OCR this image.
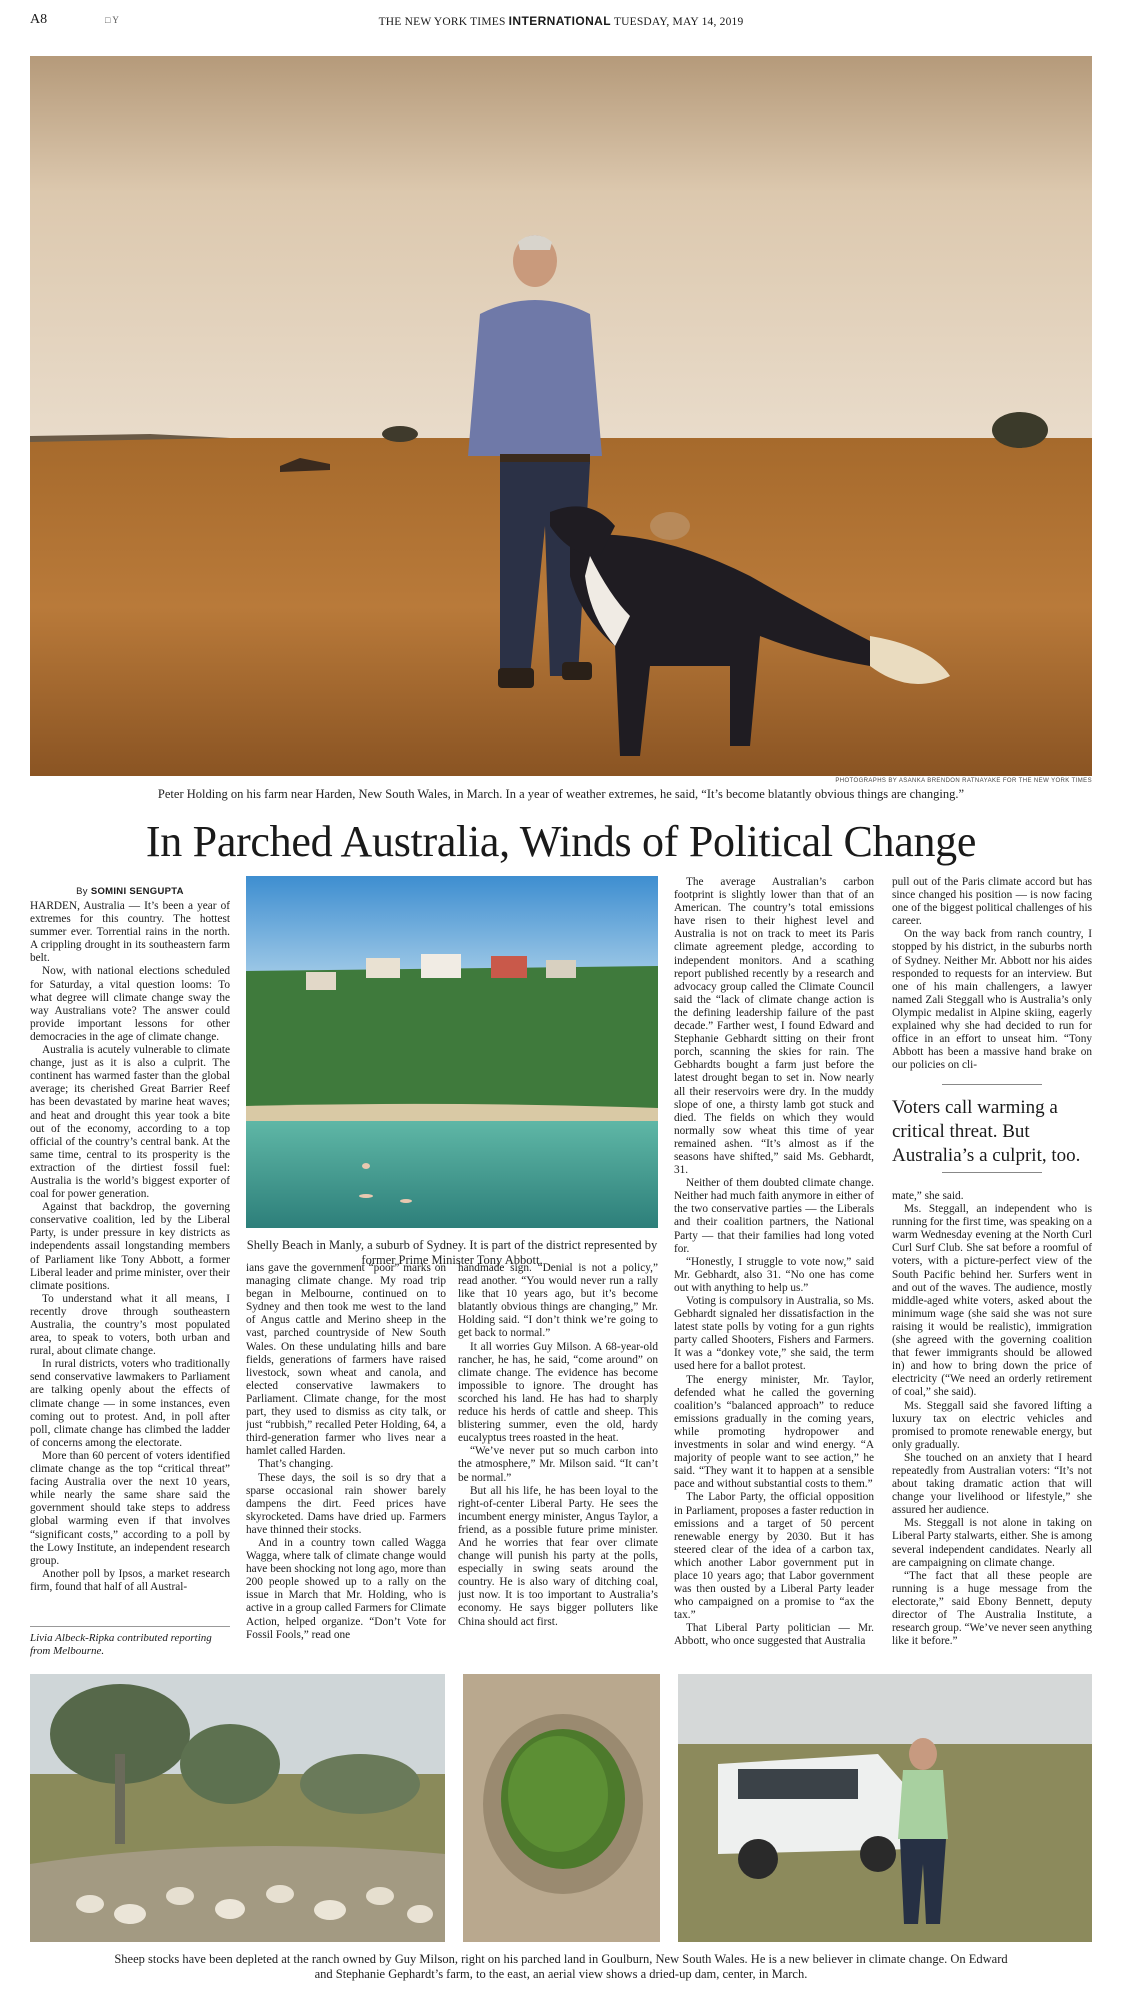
A8	□ Y	THE NEW YORK TIMES INTERNATIONAL TUESDAY, MAY 14, 2019
PHOTOGRAPHS BY ASANKA BRENDON RATNAYAKE FOR THE NEW YORK TIMES
Peter Holding on his farm near Harden, New South Wales, in March. In a year of weather extremes, he said, “It’s become blatantly obvious things are changing.”
In Parched Australia, Winds of Political Change
By SOMINI SENGUPTA

HARDEN, Australia — It’s been a year of extremes for this country. The hottest summer ever. Torrential rains in the north. A crippling drought in its southeastern farm belt.

Now, with national elections scheduled for Saturday, a vital question looms: To what degree will climate change sway the way Australians vote? The answer could provide important lessons for other democracies in the age of climate change.

Australia is acutely vulnerable to climate change, just as it is also a culprit. The continent has warmed faster than the global average; its cherished Great Barrier Reef has been devastated by marine heat waves; and heat and drought this year took a bite out of the economy, according to a top official of the country’s central bank. At the same time, central to its prosperity is the extraction of the dirtiest fossil fuel: Australia is the world’s biggest exporter of coal for power generation.

Against that backdrop, the governing conservative coalition, led by the Liberal Party, is under pressure in key districts as independents assail longstanding members of Parliament like Tony Abbott, a former Liberal leader and prime minister, over their climate positions.

To understand what it all means, I recently drove through southeastern Australia, the country’s most populated area, to speak to voters, both urban and rural, about climate change.

In rural districts, voters who traditionally send conservative lawmakers to Parliament are talking openly about the effects of climate change — in some instances, even coming out to protest. And, in poll after poll, climate change has climbed the ladder of concerns among the electorate.

More than 60 percent of voters identified climate change as the top “critical threat” facing Australia over the next 10 years, while nearly the same share said the government should take steps to address global warming even if that involves “significant costs,” according to a poll by the Lowy Institute, an independent research group.

Another poll by Ipsos, a market research firm, found that half of all Austral-

Livia Albeck-Ripka contributed reporting from Melbourne.
Shelly Beach in Manly, a suburb of Sydney. It is part of the district represented by former Prime Minister Tony Abbott.

ians gave the government “poor” marks on managing climate change. My road trip began in Melbourne, continued on to Sydney and then took me west to the land of Angus cattle and Merino sheep in the vast, parched countryside of New South Wales. On these undulating hills and bare fields, generations of farmers have raised livestock, sown wheat and canola, and elected conservative lawmakers to Parliament. Climate change, for the most part, they used to dismiss as city talk, or just “rubbish,” recalled Peter Holding, 64, a third-generation farmer who lives near a hamlet called Harden.

That’s changing.

These days, the soil is so dry that a sparse occasional rain shower barely dampens the dirt. Feed prices have skyrocketed. Dams have dried up. Farmers have thinned their stocks.

And in a country town called Wagga Wagga, where talk of climate change would have been shocking not long ago, more than 200 people showed up to a rally on the issue in March that Mr. Holding, who is active in a group called Farmers for Climate Action, helped organize. “Don’t Vote for Fossil Fools,” read one

handmade sign. “Denial is not a policy,” read another. “You would never run a rally like that 10 years ago, but it’s become blatantly obvious things are changing,” Mr. Holding said. “I don’t think we’re going to get back to normal.”

It all worries Guy Milson. A 68-year-old rancher, he has, he said, “come around” on climate change. The evidence has become impossible to ignore. The drought has scorched his land. He has had to sharply reduce his herds of cattle and sheep. This blistering summer, even the old, hardy eucalyptus trees roasted in the heat.

“We’ve never put so much carbon into the atmosphere,” Mr. Milson said. “It can’t be normal.”

But all his life, he has been loyal to the right-of-center Liberal Party. He sees the incumbent energy minister, Angus Taylor, a friend, as a possible future prime minister. And he worries that fear over climate change will punish his party at the polls, especially in swing seats around the country. He is also wary of ditching coal, just now. It is too important to Australia’s economy. He says bigger polluters like China should act first.

The average Australian’s carbon footprint is slightly lower than that of an American. The country’s total emissions have risen to their highest level and Australia is not on track to meet its Paris climate agreement pledge, according to independent monitors. And a scathing report published recently by a research and advocacy group called the Climate Council said the “lack of climate change action is the defining leadership failure of the past decade.” Farther west, I found Edward and Stephanie Gebhardt sitting on their front porch, scanning the skies for rain. The Gebhardts bought a farm just before the latest drought began to set in. Now nearly all their reservoirs were dry. In the muddy slope of one, a thirsty lamb got stuck and died. The fields on which they would normally sow wheat this time of year remained ashen. “It’s almost as if the seasons have shifted,” said Ms. Gebhardt, 31.

Neither of them doubted climate change. Neither had much faith anymore in either of the two conservative parties — the Liberals and their coalition partners, the National Party — that their families had long voted for.

“Honestly, I struggle to vote now,” said Mr. Gebhardt, also 31. “No one has come out with anything to help us.”

Voting is compulsory in Australia, so Ms. Gebhardt signaled her dissatisfaction in the latest state polls by voting for a gun rights party called Shooters, Fishers and Farmers. It was a “donkey vote,” she said, the term used here for a ballot protest.

The energy minister, Mr. Taylor, defended what he called the governing coalition’s “balanced approach” to reduce emissions gradually in the coming years, while promoting hydropower and investments in solar and wind energy. “A majority of people want to see action,” he said. “They want it to happen at a sensible pace and without substantial costs to them.”

The Labor Party, the official opposition in Parliament, proposes a faster reduction in emissions and a target of 50 percent renewable energy by 2030. But it has steered clear of the idea of a carbon tax, which another Labor government put in place 10 years ago; that Labor government was then ousted by a Liberal Party leader who campaigned on a promise to “ax the tax.”

That Liberal Party politician — Mr. Abbott, who once suggested that Australia

pull out of the Paris climate accord but has since changed his position — is now facing one of the biggest political challenges of his career.

On the way back from ranch country, I stopped by his district, in the suburbs north of Sydney. Neither Mr. Abbott nor his aides responded to requests for an interview. But one of his main challengers, a lawyer named Zali Steggall who is Australia’s only Olympic medalist in Alpine skiing, eagerly explained why she had decided to run for office in an effort to unseat him. “Tony Abbott has been a massive hand brake on our policies on cli-

Voters call warming a critical threat. But Australia’s a culprit, too.

mate,” she said.

Ms. Steggall, an independent who is running for the first time, was speaking on a warm Wednesday evening at the North Curl Curl Surf Club. She sat before a roomful of voters, with a picture-perfect view of the South Pacific behind her. Surfers went in and out of the waves. The audience, mostly middle-aged white voters, asked about the minimum wage (she said she was not sure raising it would be realistic), immigration (she agreed with the governing coalition that fewer immigrants should be allowed in) and how to bring down the price of electricity (“We need an orderly retirement of coal,” she said).

Ms. Steggall said she favored lifting a luxury tax on electric vehicles and promised to promote renewable energy, but only gradually.

She touched on an anxiety that I heard repeatedly from Australian voters: “It’s not about taking dramatic action that will change your livelihood or lifestyle,” she assured her audience.

Ms. Steggall is not alone in taking on Liberal Party stalwarts, either. She is among several independent candidates. Nearly all are campaigning on climate change.

“The fact that all these people are running is a huge message from the electorate,” said Ebony Bennett, deputy director of The Australia Institute, a research group. “We’ve never seen anything like it before.”

Sheep stocks have been depleted at the ranch owned by Guy Milson, right on his parched land in Goulburn, New South Wales. He is a new believer in climate change. On Edward and Stephanie Gephardt’s farm, to the east, an aerial view shows a dried-up dam, center, in March.
